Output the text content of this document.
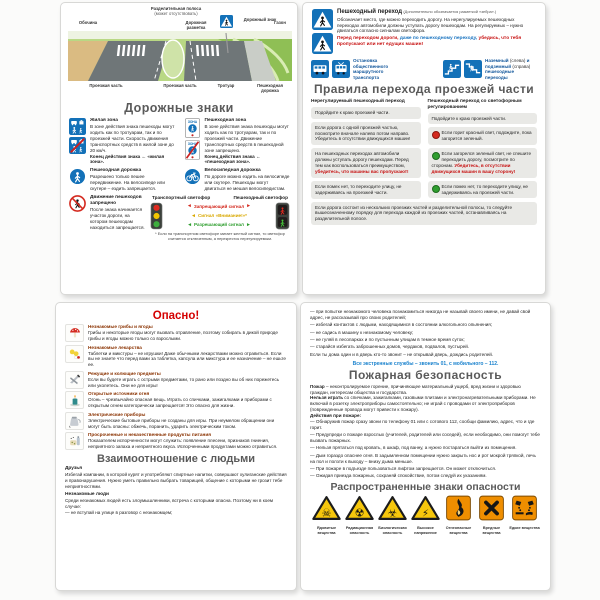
Разделительная полоса
(может отсутствовать)
Дорожный знак
Обочина	Дорожная разметка
Газон
Проезжая часть	Проезжая часть	Тротуар	Пешеходная дорожка
Дорожные знаки
Жилая зона
В зоне действия знака пешеходы могут ходить как по тротуарам, так и по проезжей части. Скорость движения транспортных средств в жилой зоне до 20 км/ч.
Конец действия знака ← «жилая зона».
Пешеходная зона
В зоне действия знака пешеходы могут ходить как по тротуарам, так и по проезжей части. Движение транспортных средств в пешеходной зоне запрещено.
Конец действия знака ← «пешеходная зона».
Пешеходная дорожка
Разрешено только пешее передвижение. На велосипеде или скутере – ездить запрещается.
Велосипедная дорожка
По дороге можно ездить на велосипеде или скутере. Пешеходы могут двигаться не мешая велосипедистам.
Движение пешеходов запрещено
После знака начинается участок дороги, на котором пешеходам находиться запрещается.
Транспортный светофор	Пешеходный светофор
◄ Запрещающий сигнал ►
◄ Сигнал «Внимание!»*
◄ Разрешающий сигнал ►
* Если на транспортном светофоре мигает желтый сигнал, то светофор считается отключенным, а перекресток нерегулируемым.
Пешеходный переход (Дополнительно обозначается разметкой «зебра».)
Обозначает место, где можно переходить дорогу. На нерегулируемых пешеходных переходах автомобили должны уступать дорогу пешеходам. На регулируемых – нужно двигаться согласно сигналам светофора.
Перед переходом дороги, даже по пешеходному переходу, убедись, что тебя пропускают или нет едущих машин!
Остановка общественного маршрутного транспорта
Наземный (слева) и подземный (справа) пешеходные переходы
Правила перехода проезжей части
Нерегулируемый пешеходный переход
Подойдите к краю проезжей части.
Если дорога с одной проезжей частью, посмотрите вначале налево потом направо. Убедитесь в отсутствии движущихся машин!
На пешеходных переходах автомобили должны уступать дорогу пешеходам. Перед тем как воспользоваться преимуществом, убедитесь, что машины вас пропускают!
Если помех нет, то переходите улицу, не задерживаясь на проезжей части.
Пешеходный переход со светофорным регулированием
Подойдите к краю проезжей части.
Если горит красный свет, подождите, пока загорится зеленый.
Если загорелся зеленый свет, не спешите переходить дорогу, посмотрите по сторонам. Убедитесь, в отсутствии движущихся машин в вашу сторону!
Если помех нет, то переходите улицу, не задерживаясь на проезжей части.
Если дорога состоит из нескольких проезжих частей и разделительной полосы, то следуйте вышеозначенному порядку для перехода каждой из проезжих частей, останавливаясь на разделительной полосе.
Опасно!
Незнакомые грибы и ягоды
Грибы и некоторые ягоды могут вызвать отравление, поэтому собирать в дикой природе грибы и ягоды можно только со взрослыми.
Незнакомые лекарства
Таблетки и микстуры – не игрушки! Даже обычными лекарствами можно отравиться. Если вы не знаете что перед вами за таблетка, капсула или микстура и ее назначение – не ешьте ее.
Режущие и колющие предметы
Если вы будете играть с острыми предметами, то рано или поздно вы об них порежетесь или уколетесь. Они не для игры!
Открытые источники огня
Огонь – чрезвычайно опасная вещь. Играть со спичками, зажигалками и приборами с открытым огнем категорически запрещается! Это опасно для жизни.
Электрические приборы
Электрические бытовые приборы не созданы для игры. При неумелом обращении они могут быть опасны: обжечь, поранить, ударить электрическим током.
Просроченные и некачественные продукты питания
Показателем испорченности могут служить: появление плесени, признаков гниения, неприятного запаха и неприятного вкуса. Испорченными продуктами можно отравиться.
Взаимоотношение с людьми
Друзья
Избегай компании, в которой курят и употребляют спиртные напитки, совершают хулиганские действия и правонарушения. Нужно уметь правильно выбрать товарищей, общение с которыми не грозит тебе неприятностями.
Незнакомые люди
Среди незнакомых людей есть злоумышленники, встреча с которыми опасна. Поэтому ни в коем случае:
— не вступай на улице в разговор с незнакомцем;

— при попытке незнакомого человека познакомиться никогда не называй своего имени, не давай свой адрес, не рассказывай про своих родителей;

— избегай контактов с людьми, находящимися в состоянии алкогольного опьянения;

— не садись в машину к незнакомому человеку;

— не гуляй в лесопарках и по пустынным улицам в темное время суток;

— старайся избегать заброшенных домов, чердаков, подвалов, пустырей.

Если ты дома один и в дверь кто-то звонит – не открывай дверь, дождись родителей.

Все экстренные службы – звонить 01, с мобильного – 112.
Пожарная безопасность
Пожар – неконтролируемое горение, причиняющее материальный ущерб, вред жизни и здоровью граждан, интересам общества и государства.
Нельзя играть со спичками, зажигалками, газовыми плитами и электронагревательными приборами. Не включай в розетку электроприборы самостоятельно; не играй с проводами от электроприборов (поврежденные провода могут привести к пожару).
Действия при пожаре:

— Обнаружив пожар сразу звони по телефону 01 или с сотового 112, сообщи фамилию, адрес, что и где горит.

— Предупреди о пожаре взрослых (учителей, родителей или соседей), если необходимо, они помогут тебе вызвать пожарных.

— Нельзя прятаться под кровать, в шкаф, под ванну, а нужно постараться выйти из помещения.

— Дым гораздо опаснее огня. В задымленном помещении нужно закрыть нос и рот мокрой тряпкой, лечь на пол и ползти к выходу – внизу дыма меньше.

— При пожаре в подъезде пользоваться лифтом запрещается. Он может отключиться.

— Ожидая приезда пожарных, сохраняй спокойствие, потом следуй их указаниям.

Распространенные знаки опасности
☠
Ядовитые вещества
☢
Радиационная опасность
☣
Биологическая опасность
⚡
Высокое напряжение
Огнеопасные вещества
Вредные вещества
Едкие вещества
